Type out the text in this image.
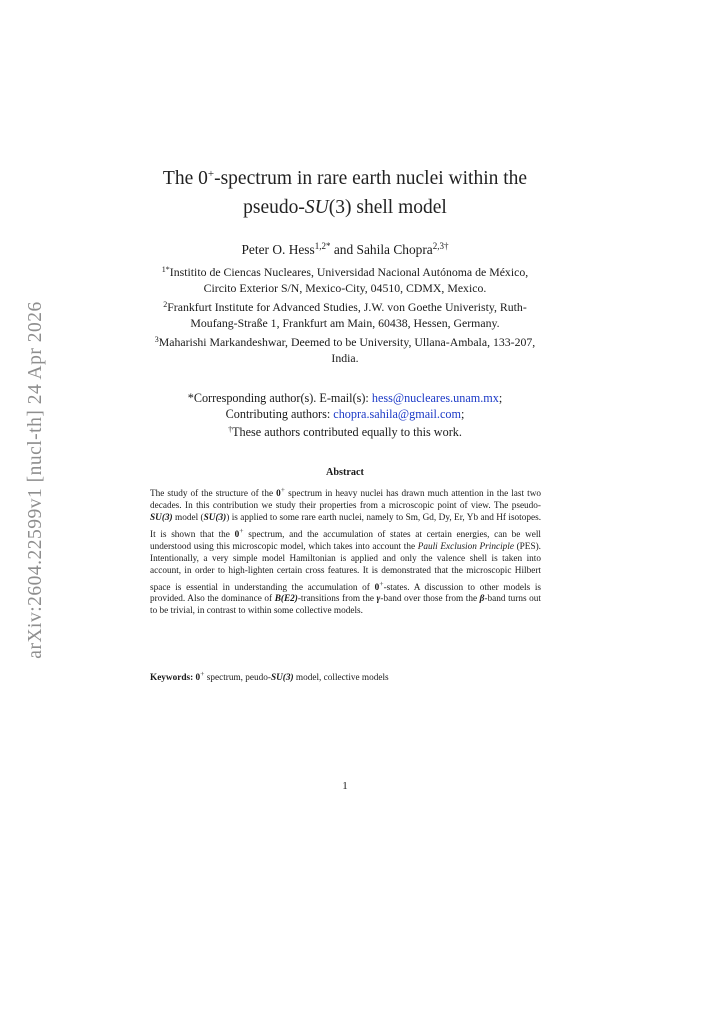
arXiv:2604.22599v1 [nucl-th] 24 Apr 2026
The 0+-spectrum in rare earth nuclei within the
pseudo-SU(3) shell model
Peter O. Hess$^{1,2*}$ and Sahila Chopra$^{2,3\dagger}$
$^{1*}$Institito de Ciencas Nucleares, Universidad Nacional Autónoma de México, Circito Exterior S/N, Mexico-City, 04510, CDMX, Mexico.
$^2$Frankfurt Institute for Advanced Studies, J.W. von Goethe Univeristy, Ruth-Moufang-Straße 1, Frankfurt am Main, 60438, Hessen, Germany.
$^3$Maharishi Markandeshwar, Deemed to be University, Ullana-Ambala, 133-207, India.
*Corresponding author(s). E-mail(s): hess@nucleares.unam.mx;
Contributing authors: chopra.sahila@gmail.com;
†These authors contributed equally to this work.
Abstract

The study of the structure of the 0+ spectrum in heavy nuclei has drawn much attention in the last two decades. In this contribution we study their properties from a microscopic point of view. The pseudo-SU(3) model (SU(3)) is applied to some rare earth nuclei, namely to Sm, Gd, Dy, Er, Yb and Hf isotopes. It is shown that the 0+ spectrum, and the accumulation of states at certain energies, can be well understood using this microscopic model, which takes into account the Pauli Exclusion Principle (PES). Intentionally, a very simple model Hamiltonian is applied and only the valence shell is taken into account, in order to high-lighten certain cross features. It is demonstrated that the microscopic Hilbert space is essential in understanding the accumulation of 0+-states. A discussion to other models is provided. Also the dominance of B(E2)-transitions from the γ-band over those from the β-band turns out to be trivial, in contrast to within some collective models.

Keywords: 0+ spectrum, peudo-SU(3) model, collective models
1
